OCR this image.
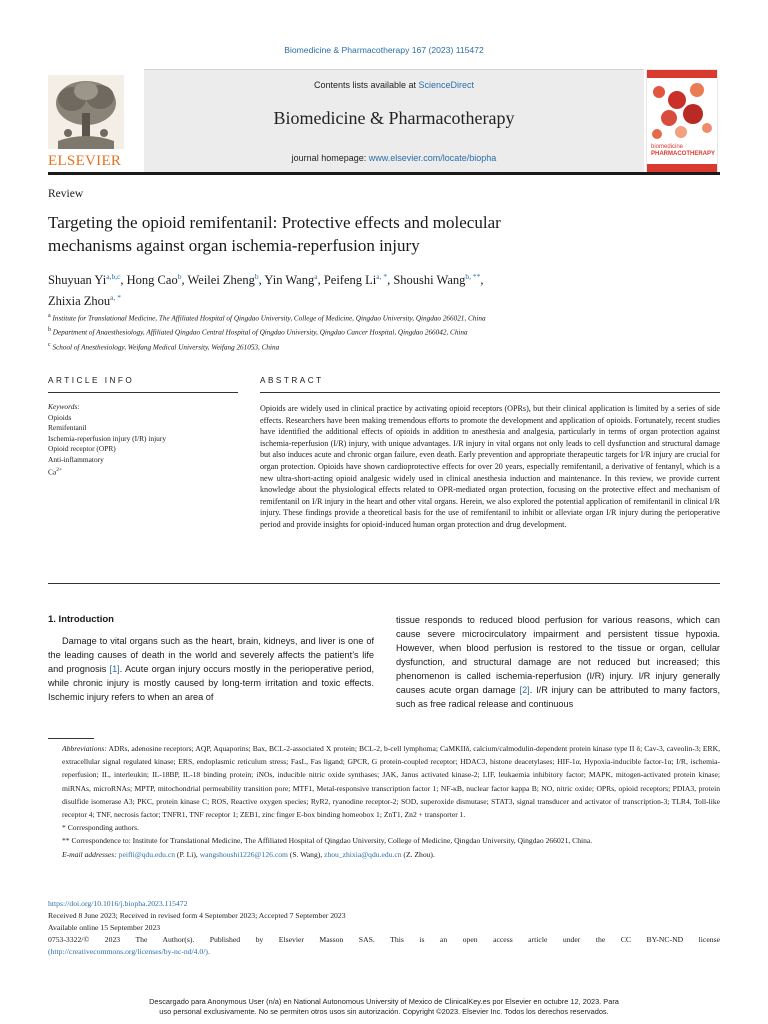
Biomedicine & Pharmacotherapy 167 (2023) 115472
ELSEVIER
Contents lists available at ScienceDirect
Biomedicine & Pharmacotherapy
journal homepage: www.elsevier.com/locate/biopha
biomedicine
PHARMACOTHERAPY
Review
Targeting the opioid remifentanil: Protective effects and molecular
mechanisms against organ ischemia-reperfusion injury
Shuyuan Yi$^{a,b,c}$, Hong Cao$^b$, Weilei Zheng$^b$, Yin Wang$^a$, Peifeng $Li^{a, *}$, Shoushi Wang$^{b, **}$,
Zhixia Zhou$^{a, *}$
$^a$ Institute for Translational Medicine, The Affiliated Hospital of Qingdao University, College of Medicine, Qingdao University, Qingdao 266021, China
$^b$ Department of Anaesthesiology, Affiliated Qingdao Central Hospital of Qingdao University, Qingdao Cancer Hospital, Qingdao 266042, China
$^c$ School of Anesthesiology, Weifang Medical University, Weifang 261053, China
ARTICLE INFO	ABSTRACT
Keywords:
Opioids
Remifentanil
Ischemia-reperfusion injury (I/R) injury
Opioid receptor (OPR)
Anti-inflammatory
$Ca^{2+}$
Opioids are widely used in clinical practice by activating opioid receptors (OPRs), but their clinical application is limited by a series of side effects. Researchers have been making tremendous efforts to promote the development and application of opioids. Fortunately, recent studies have identified the additional effects of opioids in addition to anesthesia and analgesia, particularly in terms of organ protection against ischemia-reperfusion (I/R) injury, with unique advantages. I/R injury in vital organs not only leads to cell dysfunction and structural damage but also induces acute and chronic organ failure, even death. Early prevention and appropriate therapeutic targets for I/R injury are crucial for organ protection. Opioids have shown cardioprotective effects for over 20 years, especially remifentanil, a derivative of fentanyl, which is a new ultra-short-acting opioid analgesic widely used in clinical anesthesia induction and maintenance. In this review, we provide current knowledge about the physiological effects related to OPR-mediated organ protection, focusing on the protective effect and mechanism of remifentanil on I/R injury in the heart and other vital organs. Herein, we also explored the potential application of remifentanil in clinical I/R injury. These findings provide a theoretical basis for the use of remifentanil to inhibit or alleviate organ I/R injury during the perioperative period and provide insights for opioid-induced human organ protection and drug development.
1. Introduction

Damage to vital organs such as the heart, brain, kidneys, and liver is one of the leading causes of death in the world and severely affects the patient’s life and prognosis [1]. Acute organ injury occurs mostly in the perioperative period, while chronic injury is mostly caused by long-term irritation and toxic effects. Ischemic injury refers to when an area of

tissue responds to reduced blood perfusion for various reasons, which can cause severe microcirculatory impairment and persistent tissue hypoxia. However, when blood perfusion is restored to the tissue or organ, cellular dysfunction, and structural damage are not reduced but increased; this phenomenon is called ischemia-reperfusion (I/R) injury. I/R injury generally causes acute organ damage [2]. I/R injury can be attributed to many factors, such as free radical release and continuous

Abbreviations: ADRs, adenosine receptors; AQP, Aquaporins; Bax, BCL-2-associated X protein; BCL-2, b-cell lymphoma; CaMKIIδ, calcium/calmodulin-dependent protein kinase type II δ; Cav-3, caveolin-3; ERK, extracellular signal regulated kinase; ERS, endoplasmic reticulum stress; FasL, Fas ligand; GPCR, G protein-coupled receptor; HDAC3, histone deacetylases; HIF-1α, Hypoxia-inducible factor-1α; I/R, ischemia-reperfusion; IL, interleukin; IL-18BP, IL-18 binding protein; iNOs, inducible nitric oxide synthases; JAK, Janus activated kinase-2; LIF, leukaemia inhibitory factor; MAPK, mitogen-activated protein kinase; miRNAs, microRNAs; MPTP, mitochondrial permeability transition pore; MTF1, Metal-responsive transcription factor 1; NF-κB, nuclear factor kappa B; NO, nitric oxide; OPRs, opioid receptors; PDIA3, protein disulfide isomerase A3; PKC, protein kinase C; ROS, Reactive oxygen species; RyR2, ryanodine receptor-2; SOD, superoxide dismutase; STAT3, signal transducer and activator of transcription-3; TLR4, Toll-like receptor 4; TNF, necrosis factor; TNFR1, TNF receptor 1; ZEB1, zinc finger E-box binding homeobox 1; ZnT1, Zn2 + transporter 1.

* Corresponding authors.

** Correspondence to: Institute for Translational Medicine, The Affiliated Hospital of Qingdao University, College of Medicine, Qingdao University, Qingdao 266021, China.

E-mail addresses: peifli@qdu.edu.cn (P. Li), wangshoushi1226@126.com (S. Wang), zhou_zhixia@qdu.edu.cn (Z. Zhou).

https://doi.org/10.1016/j.biopha.2023.115472

Received 8 June 2023; Received in revised form 4 September 2023; Accepted 7 September 2023

Available online 15 September 2023

0753-3322/© 2023 The Author(s). Published by Elsevier Masson SAS. This is an open access article under the CC BY-NC-ND license

(http://creativecommons.org/licenses/by-nc-nd/4.0/).

Descargado para Anonymous User (n/a) en National Autonomous University of Mexico de ClinicalKey.es por Elsevier en octubre 12, 2023. Para
uso personal exclusivamente. No se permiten otros usos sin autorización. Copyright ©2023. Elsevier Inc. Todos los derechos reservados.
